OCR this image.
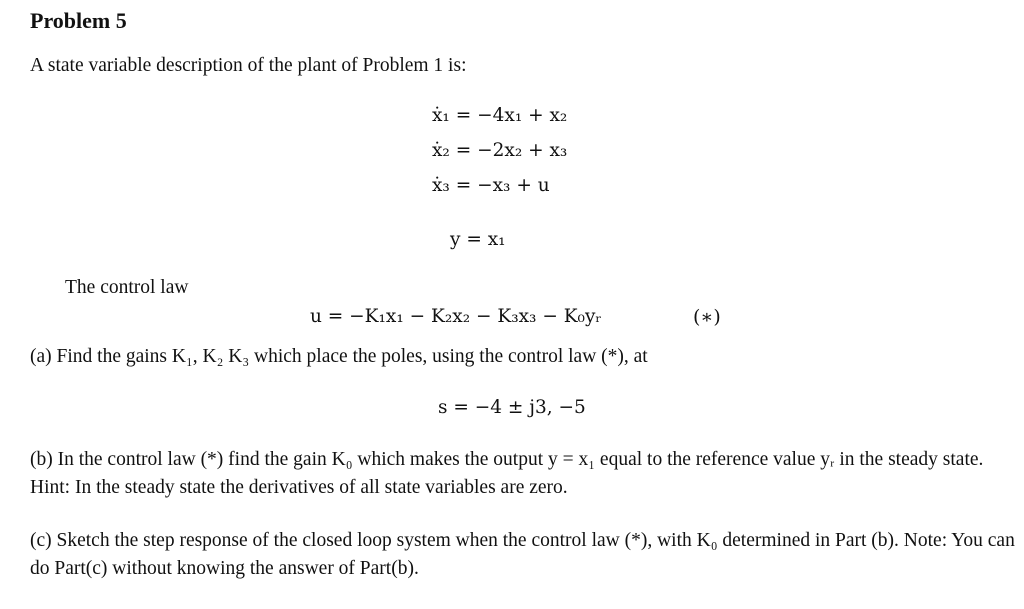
Problem 5
A state variable description of the plant of Problem 1 is:
ẋ₁ = −4x₁ + x₂
ẋ₂ = −2x₂ + x₃
ẋ₃ = −x₃ + u
y = x₁
The control law
u = −K₁x₁ − K₂x₂ − K₃x₃ − K₀yᵣ	(∗)
(a) Find the gains K₁, K₂ K₃ which place the poles, using the control law (*), at
s = −4 ± j3, −5
(b) In the control law (*) find the gain K₀ which makes the output y = x₁ equal to the reference value yᵣ in the steady state. Hint: In the steady state the derivatives of all state variables are zero.
(c) Sketch the step response of the closed loop system when the control law (*), with K₀ determined in Part (b). Note: You can do Part(c) without knowing the answer of Part(b).
